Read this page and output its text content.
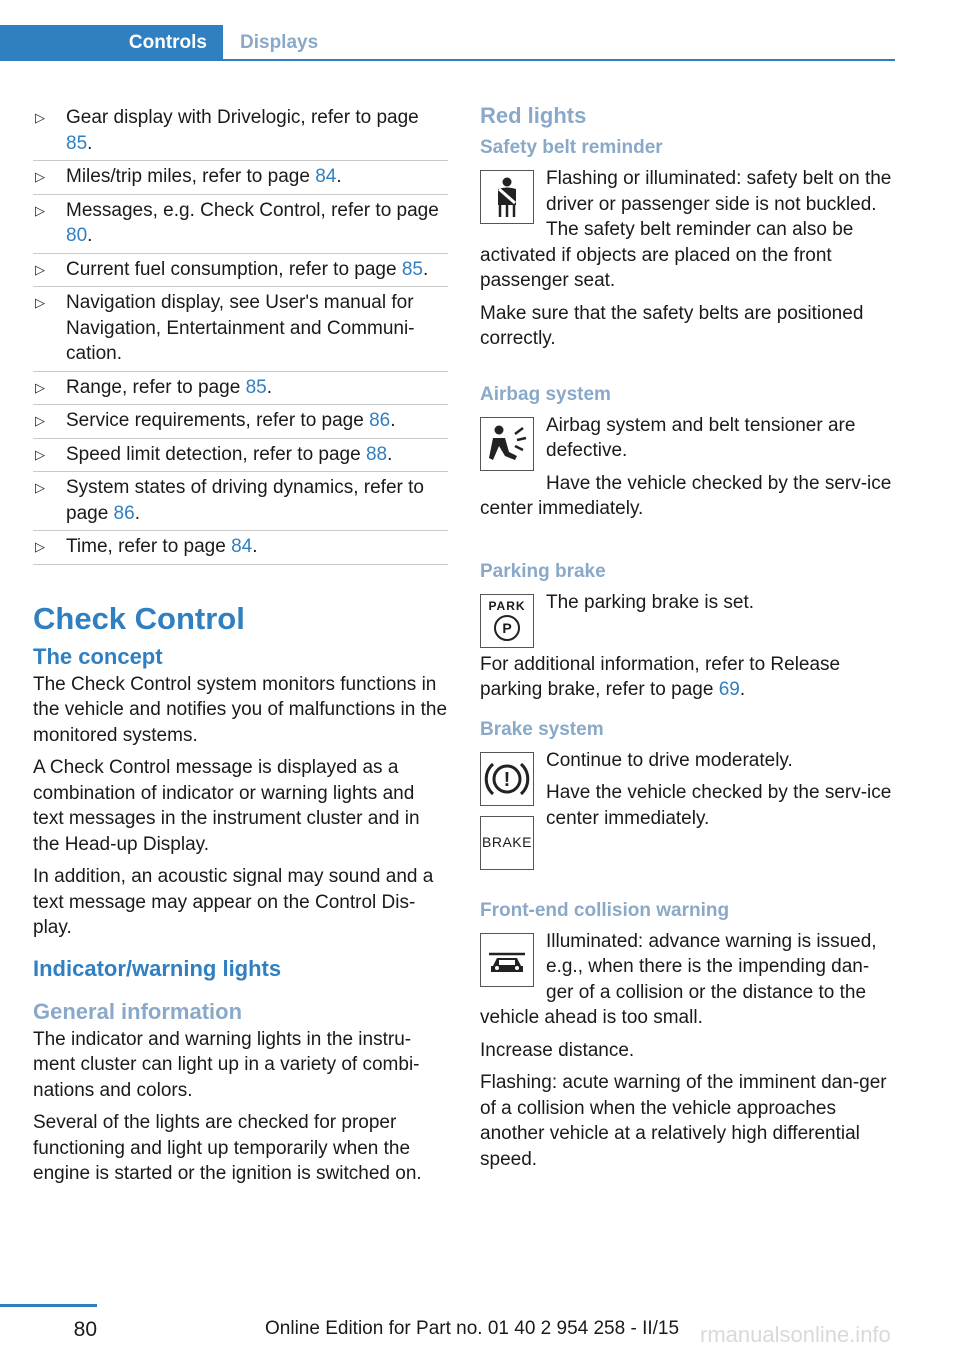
Controls	Displays
▷ Gear display with Drivelogic, refer to page 85.
▷ Miles/trip miles, refer to page 84.
▷ Messages, e.g. Check Control, refer to page 80.
▷ Current fuel consumption, refer to page 85.
▷ Navigation display, see User's manual for Navigation, Entertainment and Communi‐cation.
▷ Range, refer to page 85.
▷ Service requirements, refer to page 86.
▷ Speed limit detection, refer to page 88.
▷ System states of driving dynamics, refer to page 86.
▷ Time, refer to page 84.
Check Control
The concept

The Check Control system monitors functions in the vehicle and notifies you of malfunctions in the monitored systems.

A Check Control message is displayed as a combination of indicator or warning lights and text messages in the instrument cluster and in the Head-up Display.

In addition, an acoustic signal may sound and a text message may appear on the Control Dis‐play.

Indicator/warning lights
General information

The indicator and warning lights in the instru‐ment cluster can light up in a variety of combi‐nations and colors.

Several of the lights are checked for proper functioning and light up temporarily when the engine is started or the ignition is switched on.

Red lights
Safety belt reminder

Flashing or illuminated: safety belt on the driver or passenger side is not buckled. The safety belt reminder can also be activated if objects are placed on the front passenger seat.

Make sure that the safety belts are positioned correctly.

Airbag system

Airbag system and belt tensioner are defective.

Have the vehicle checked by the serv‐ice center immediately.

Parking brake
PARK
P

The parking brake is set.

For additional information, refer to Release parking brake, refer to page 69.

Brake system
!
BRAKE

Continue to drive moderately.

Have the vehicle checked by the serv‐ice center immediately.

Front-end collision warning

Illuminated: advance warning is issued, e.g., when there is the impending dan‐ger of a collision or the distance to the vehicle ahead is too small.

Increase distance.

Flashing: acute warning of the imminent dan‐ger of a collision when the vehicle approaches another vehicle at a relatively high differential speed.

80	Online Edition for Part no. 01 40 2 954 258 - II/15 rmanualsonline.info
